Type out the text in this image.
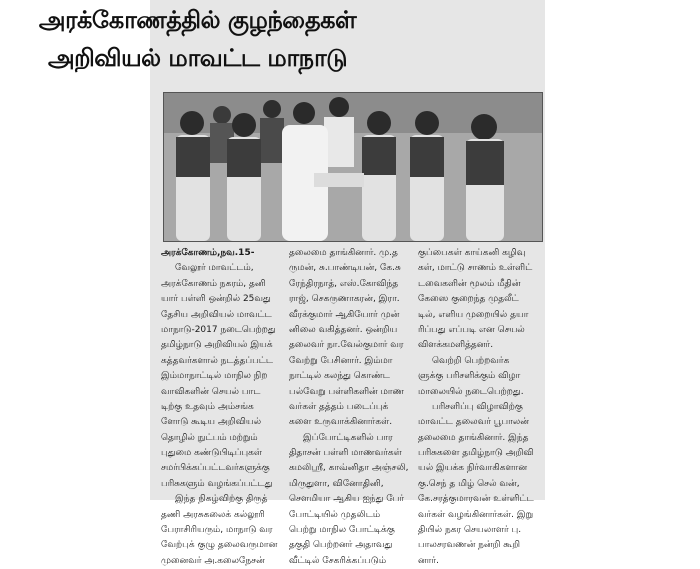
அரக்கோணத்தில் குழந்தைகள்
அறிவியல் மாவட்ட மாநாடு
அரக்கோணம்,நவ.15-
வேலூர் மாவட்டம்,
அரக்கோணம் நகரம், தனி
யார் பள்ளி ஒன்றில் 25வது
தேசிய அறிவியல் மாவட்ட
மாநாடு-2017 நடைபெற்றது
தமிழ்நாடு அறிவியல் இயக்
கத்தவர்களால் நடத்தப்பட்ட
இம்மாநாட்டில் மாநில நிற
வாவிகளின் செயல் பாட
டிற்கு உதவும் அம்சங்க
ளோடு கூடிய அறிவியல்
தொழில் நுட்பம் மற்றும்
புதுமை கண்டுபிடிப்புகள்
சமர்பிக்கப்பட்டவர்களுக்கு
பரிசுகளும் வழங்கப்பட்டது
இந்த நிகழ்விற்கு திருத்
தணி அரசுகலைக் கல்லூரி
பேராசிரியரும், மாநாடு வர
வேற்புக் குழு தலைவருமான
முனைவர் அ.கலைநேசன்
தலைமை தாங்கினார். மு.த
ருமன், சு.பாண்டியன், கே.சு
ரேந்திரநாத், எஸ்.கோவிந்த
ராஜ், செகருணாகரன், இரா.
வீரக்குமார் ஆகியோர் முன்
னிலை வகித்தனர். ஒன்றிய
தலைவர் நா.வேல்குமார் வர
வேற்று பேசினார். இம்மா
நாட்டில் கலந்து கொண்ட
பல்வேறு பள்ளிகளின் மாண
வர்கள் தத்தம் படைப்புக்
களை உருவாக்கினார்கள்.
இப்போட்டிகளில் பார
திதாசன் பள்ளி மாணவர்கள்
கமலிஸ்ரீ, காவ்னிதா அஞ்சலி,
மிருதுளா, வினோதினி,
சௌமியா ஆகிய ஐந்து பேர்
போட்டியில் முதலிடம்
பெற்று மாநில போட்டிக்கு
தகுதி பெற்றனர் அதாவது
வீட்டில் சேகரிக்கப்படும்
குப்பைகள் காய்கனி கழிவு
கள், மாட்டு சாணம் உள்ளிட்
டவைகளின் மூலம் மீதின்
கேஸை குறைந்த முதலீட்
டில், எளிய முறையில் தயா
ரிப்பது எப்படி என செயல்
விளக்கமளித்தனர்.
வெற்றி பெற்றவர்க
ளுக்கு பரிசளிக்கும் விழா
மாலையில் நடைபெற்றது.
பரிசளிப்பு விழாவிற்கு
மாவட்ட தலைவர் பூபாலன்
தலைமை தாங்கினார். இந்த
பரிசுகளை தமிழ்நாடு அறிவி
யல் இயக்க நிர்வாகிகளான
கு.செந் த மிழ் செல் வன்,
கே.சரத்குமாரவன் உள்ளிட்ட
வர்கள் வழங்கினார்கள். இறு
தியில் நகர செயலாளர் பு.
பாலசரவணன் நன்றி கூறி
னார்.
